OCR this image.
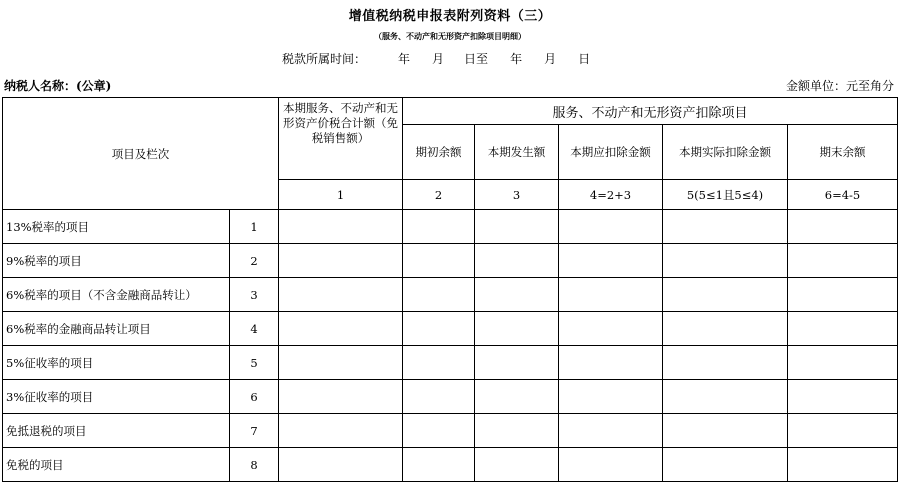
增值税纳税申报表附列资料（三）
（服务、不动产和无形资产扣除项目明细）
税款所属时间：	年 月 日至 年 月 日
纳税人名称：(公章)	金额单位：元至角分
项目及栏次		本期服务、不动产和无形资产价税合计额（免税销售额）	服务、不动产和无形资产扣除项目				
			期初余额	本期发生额	本期应扣除金额	本期实际扣除金额	期末余额
		1	2	3	4=2+3	5(5≤1且5≤4)	6=4-5
13%税率的项目	1						
9%税率的项目	2						
6%税率的项目（不含金融商品转让）	3						
6%税率的金融商品转让项目	4						
5%征收率的项目	5						
3%征收率的项目	6						
免抵退税的项目	7						
免税的项目	8						
